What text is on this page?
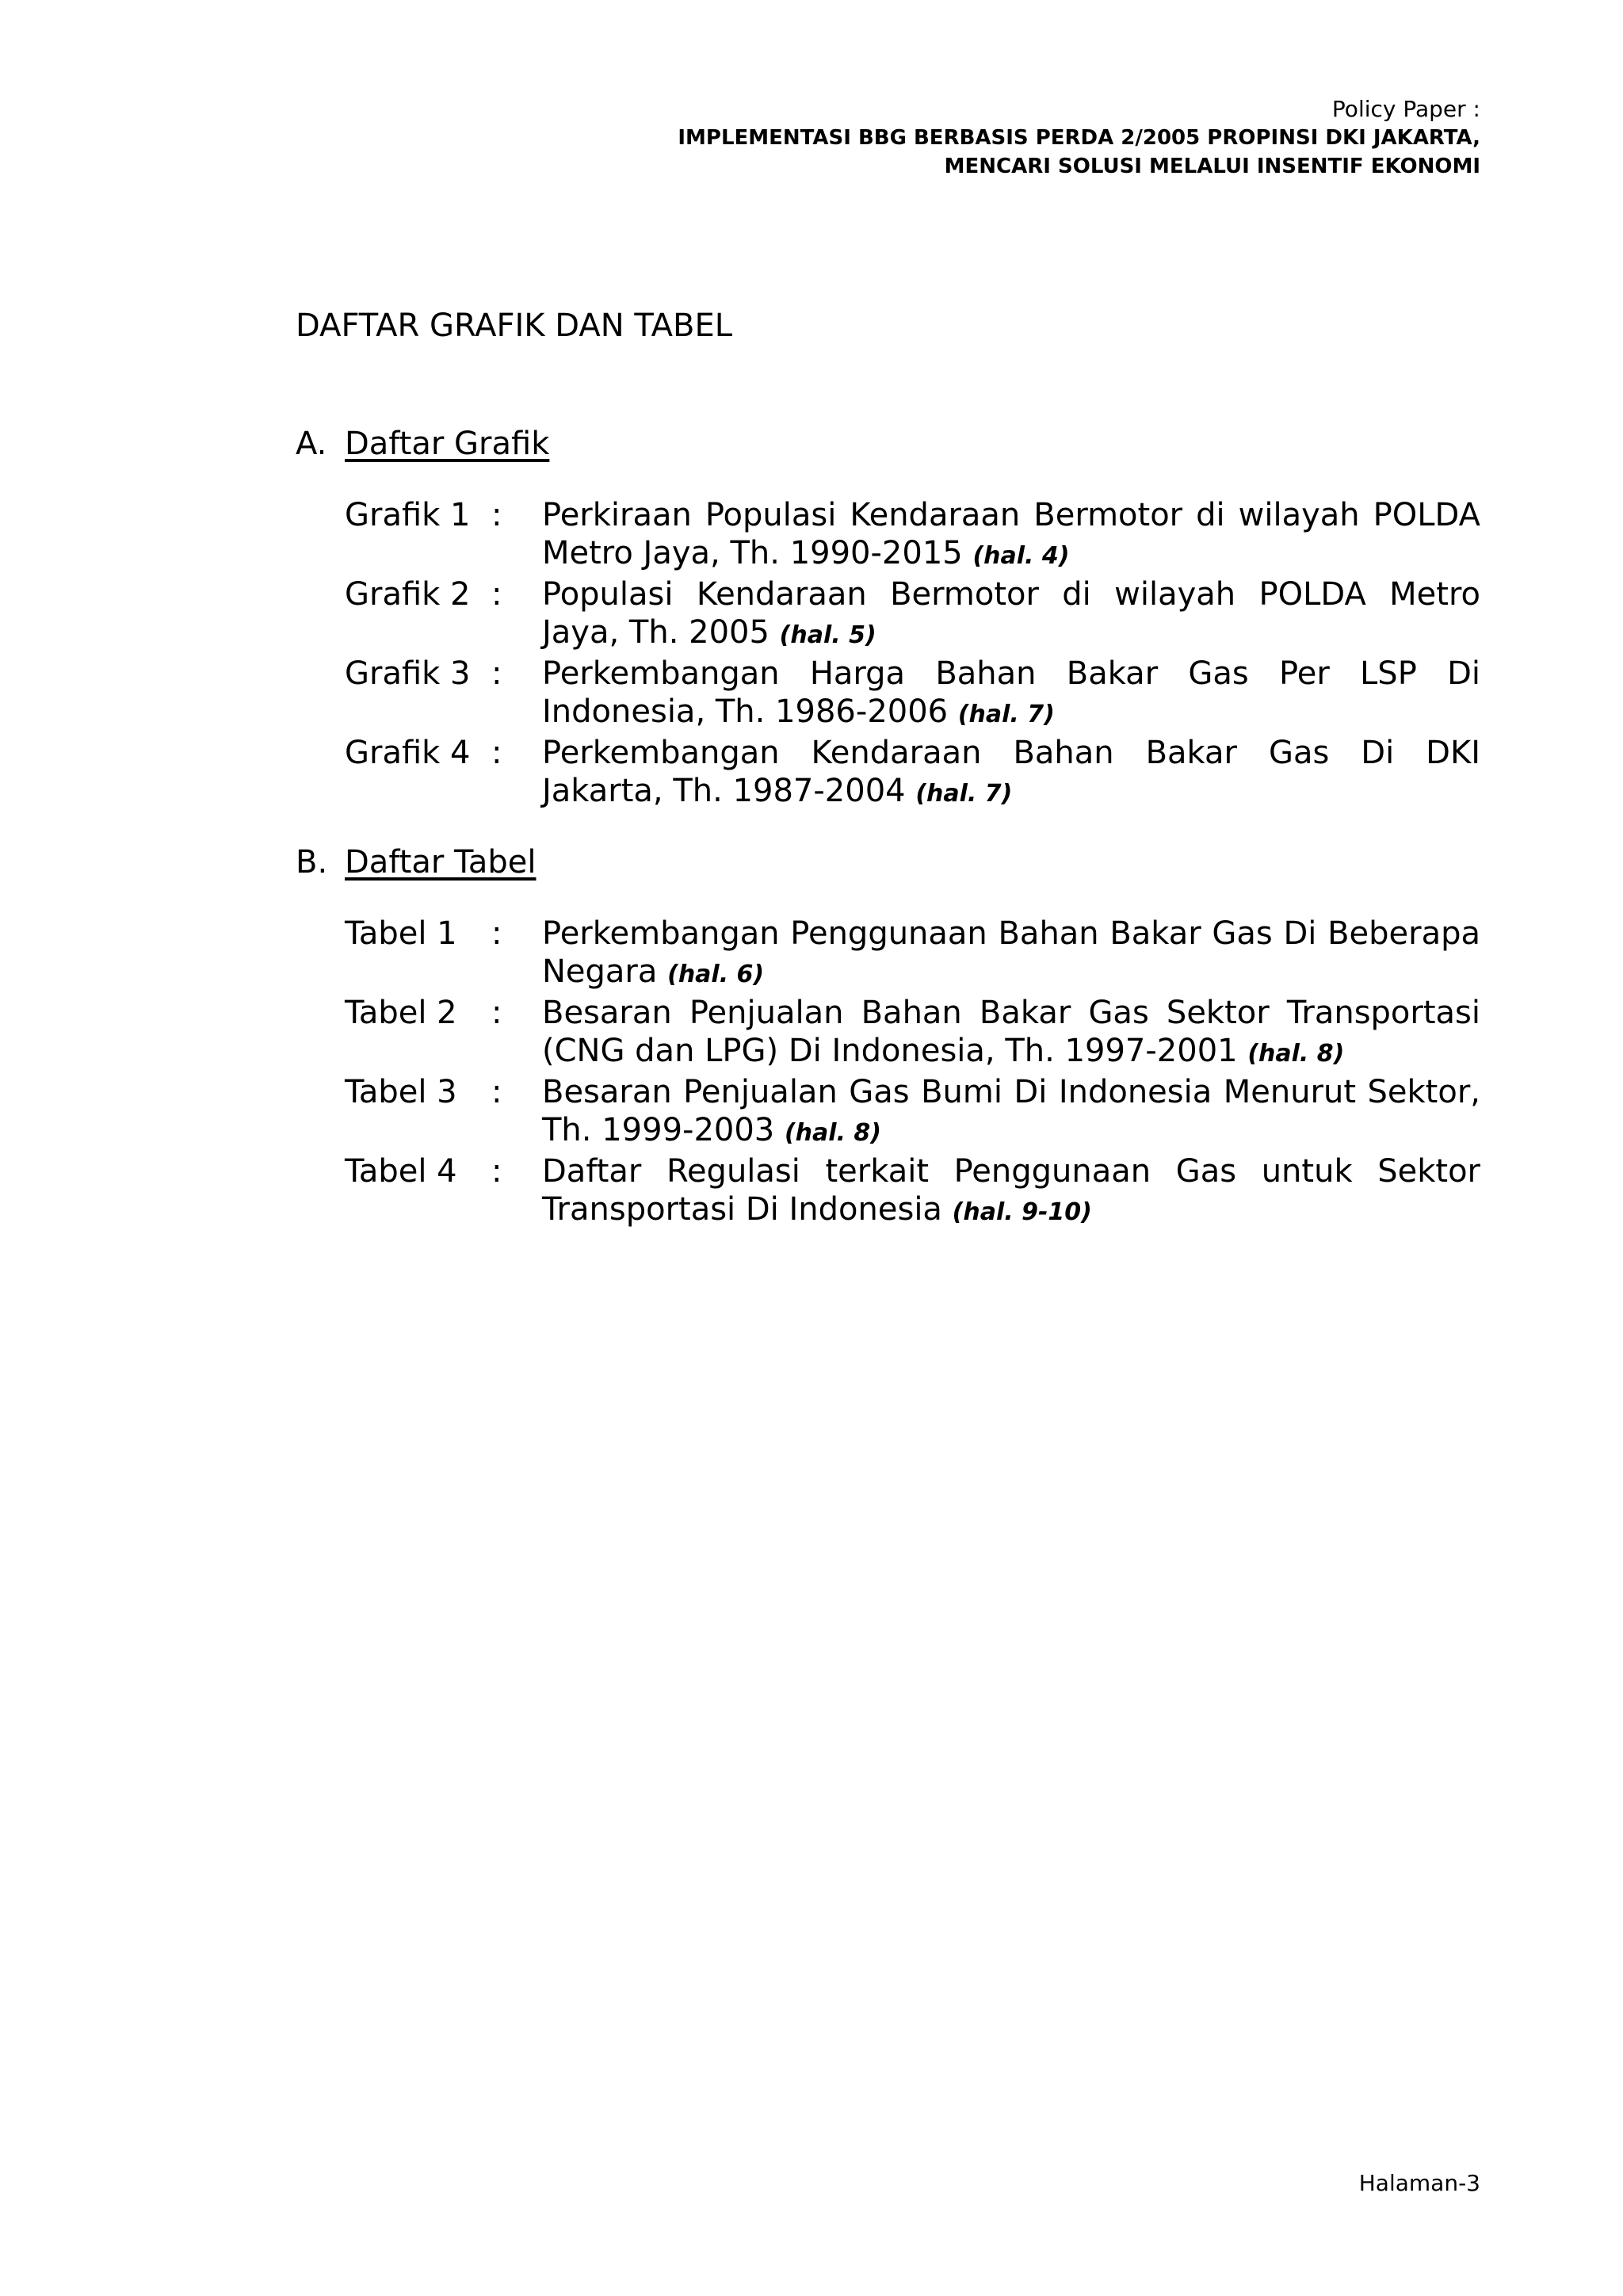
Policy Paper :
IMPLEMENTASI BBG BERBASIS PERDA 2/2005 PROPINSI DKI JAKARTA,
MENCARI SOLUSI MELALUI INSENTIF EKONOMI
DAFTAR GRAFIK DAN TABEL
A. Daftar Grafik
Grafik 1 :	Perkiraan Populasi Kendaraan Bermotor di wilayah POLDA Metro Jaya, Th. 1990-2015 (hal. 4)
Grafik 2 :	Populasi Kendaraan Bermotor di wilayah POLDA Metro Jaya, Th. 2005 (hal. 5)
Grafik 3 :	Perkembangan Harga Bahan Bakar Gas Per LSP Di Indonesia, Th. 1986-2006 (hal. 7)
Grafik 4 :	Perkembangan Kendaraan Bahan Bakar Gas Di DKI Jakarta, Th. 1987-2004 (hal. 7)
B. Daftar Tabel
Tabel 1	:	Perkembangan Penggunaan Bahan Bakar Gas Di Beberapa Negara (hal. 6)
Tabel 2	:	Besaran Penjualan Bahan Bakar Gas Sektor Transportasi (CNG dan LPG) Di Indonesia, Th. 1997-2001 (hal. 8)
Tabel 3	:	Besaran Penjualan Gas Bumi Di Indonesia Menurut Sektor, Th. 1999-2003 (hal. 8)
Tabel 4	:	Daftar Regulasi terkait Penggunaan Gas untuk Sektor Transportasi Di Indonesia (hal. 9-10)
Halaman-3
